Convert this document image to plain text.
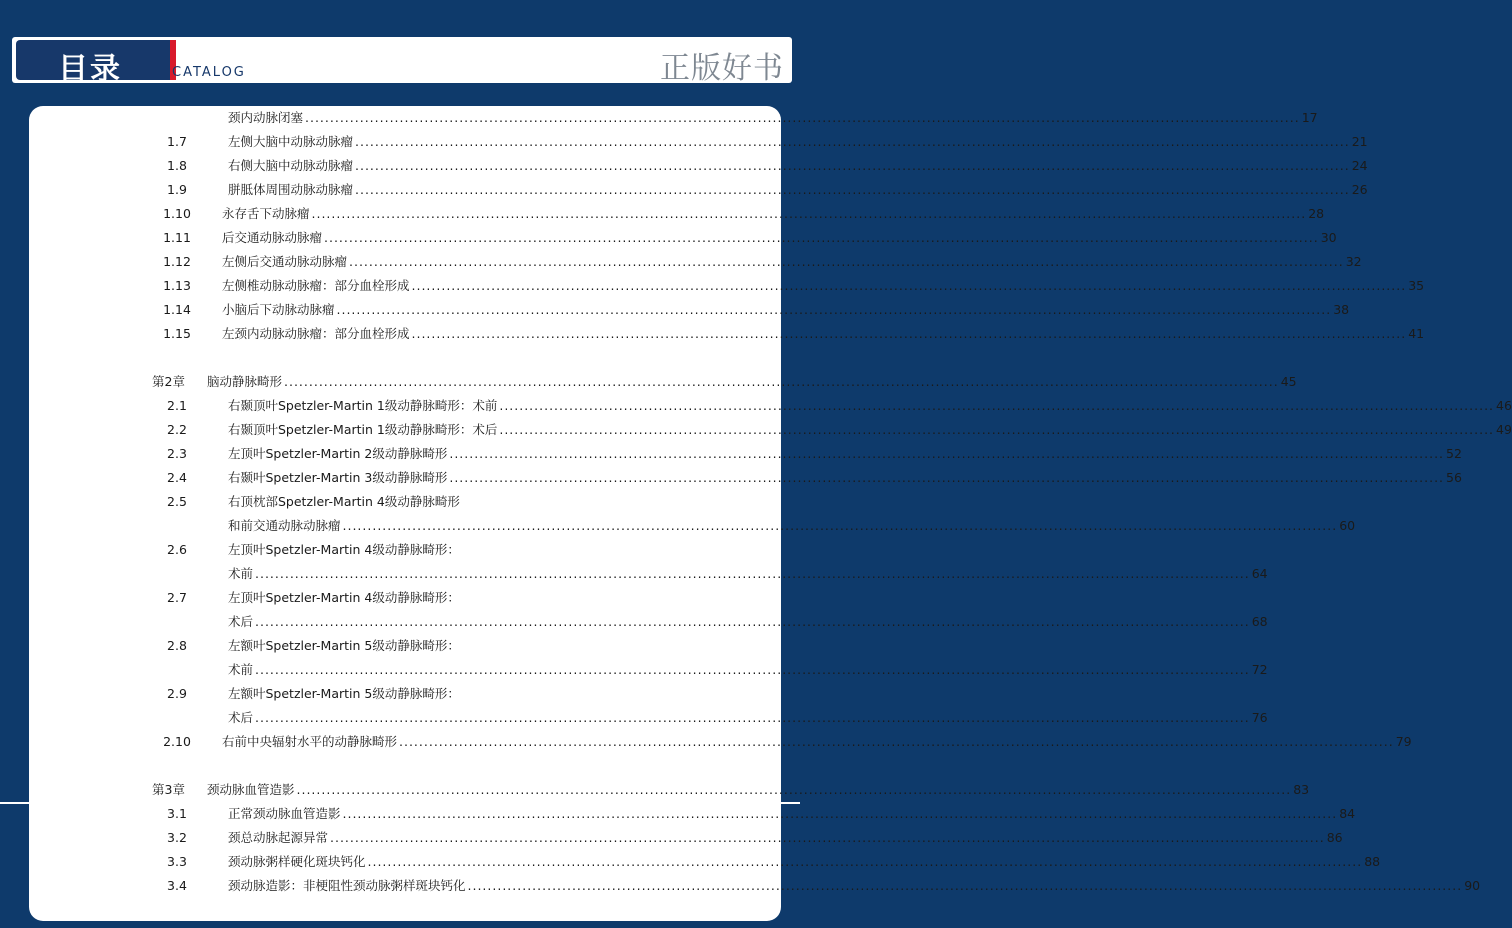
目录	CATALOG	正版好书
颈内动脉闭塞 ........................................................................................................................................................................................................ 17
1.7	左侧大脑中动脉动脉瘤 ........................................................................................................................................................................................................ 21
1.8	右侧大脑中动脉动脉瘤 ........................................................................................................................................................................................................ 24
1.9	胼胝体周围动脉动脉瘤 ........................................................................................................................................................................................................ 26
1.10	永存舌下动脉瘤 ........................................................................................................................................................................................................ 28
1.11	后交通动脉动脉瘤 ........................................................................................................................................................................................................ 30
1.12	左侧后交通动脉动脉瘤 ........................................................................................................................................................................................................ 32
1.13	左侧椎动脉动脉瘤：部分血栓形成 ........................................................................................................................................................................................................ 35
1.14	小脑后下动脉动脉瘤 ........................................................................................................................................................................................................ 38
1.15	左颈内动脉动脉瘤：部分血栓形成 ........................................................................................................................................................................................................ 41
第2章	脑动静脉畸形 ........................................................................................................................................................................................................ 45
2.1	右颞顶叶Spetzler-Martin 1级动静脉畸形：术前 ........................................................................................................................................................................................................ 46
2.2	右颞顶叶Spetzler-Martin 1级动静脉畸形：术后 ........................................................................................................................................................................................................ 49
2.3	左顶叶Spetzler-Martin 2级动静脉畸形 ........................................................................................................................................................................................................ 52
2.4	右颞叶Spetzler-Martin 3级动静脉畸形 ........................................................................................................................................................................................................ 56
2.5	右顶枕部Spetzler-Martin 4级动静脉畸形
和前交通动脉动脉瘤 ........................................................................................................................................................................................................ 60
2.6	左顶叶Spetzler-Martin 4级动静脉畸形：
术前 ........................................................................................................................................................................................................ 64
2.7	左顶叶Spetzler-Martin 4级动静脉畸形：
术后 ........................................................................................................................................................................................................ 68
2.8	左额叶Spetzler-Martin 5级动静脉畸形：
术前 ........................................................................................................................................................................................................ 72
2.9	左额叶Spetzler-Martin 5级动静脉畸形：
术后 ........................................................................................................................................................................................................ 76
2.10	右前中央辐射水平的动静脉畸形 ........................................................................................................................................................................................................ 79
第3章	颈动脉血管造影 ........................................................................................................................................................................................................ 83
3.1	正常颈动脉血管造影 ........................................................................................................................................................................................................ 84
3.2	颈总动脉起源异常 ........................................................................................................................................................................................................ 86
3.3	颈动脉粥样硬化斑块钙化 ........................................................................................................................................................................................................ 88
3.4	颈动脉造影：非梗阻性颈动脉粥样斑块钙化 ........................................................................................................................................................................................................ 90
